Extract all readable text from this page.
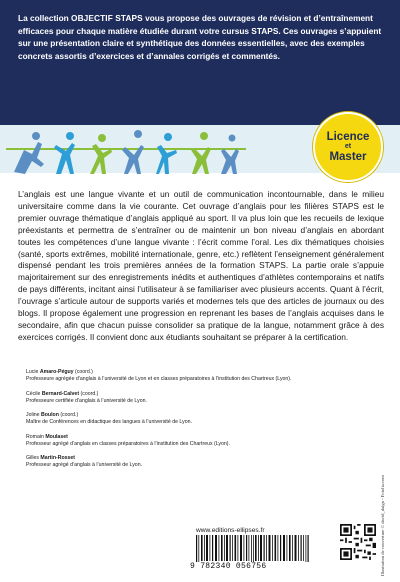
La collection OBJECTIF STAPS vous propose des ouvrages de révision et d’entraînement efficaces pour chaque matière étudiée durant votre cursus STAPS. Ces ouvrages s’appuient sur une présentation claire et synthétique des données essentielles, avec des exemples concrets assortis d’exercices et d’annales corrigés et commentés.
Licence
et
Master
L’anglais est une langue vivante et un outil de communication incontournable, dans le milieu universitaire comme dans la vie courante. Cet ouvrage d’anglais pour les filières STAPS est le premier ouvrage thématique d’anglais appliqué au sport. Il va plus loin que les recueils de lexique préexistants et permettra de s’entraîner ou de maintenir un bon niveau d’anglais en abordant toutes les compétences d’une langue vivante : l’écrit comme l’oral. Les dix thématiques choisies (santé, sports extrêmes, mobilité internationale, genre, etc.) reflètent l’enseignement généralement dispensé pendant les trois premières années de la formation STAPS. La partie orale s’appuie majoritairement sur des enregistrements inédits et authentiques d’athlètes contemporains et natifs de pays différents, incitant ainsi l’utilisateur à se familiariser avec plusieurs accents. Quant à l’écrit, l’ouvrage s’articule autour de supports variés et modernes tels que des articles de journaux ou des blogs. Il propose également une progression en reprenant les bases de l’anglais acquises dans le secondaire, afin que chacun puisse consolider sa pratique de la langue, notamment grâce à des exercices corrigés. Il convient donc aux étudiants souhaitant se préparer à la certification.
Lucie Amaro-Péguy (coord.)
Professeure agrégée d’anglais à l’université de Lyon et en classes préparatoires à l’institution des Chartreux (Lyon).
Cécile Bernard-Calvet (coord.)
Professeure certifiée d’anglais à l’université de Lyon.
Joline Boulon (coord.)
Maître de Conférences en didactique des langues à l’université de Lyon.
Romain Moulaset
Professeur agrégé d’anglais en classes préparatoires à l’institution des Chartreux (Lyon).
Gilles Martin-Rosset
Professeur agrégé d’anglais à l’université de Lyon.
www.editions-ellipses.fr
9 782340 056756	Illustration de couverture © david_daign - Fotolia.com
